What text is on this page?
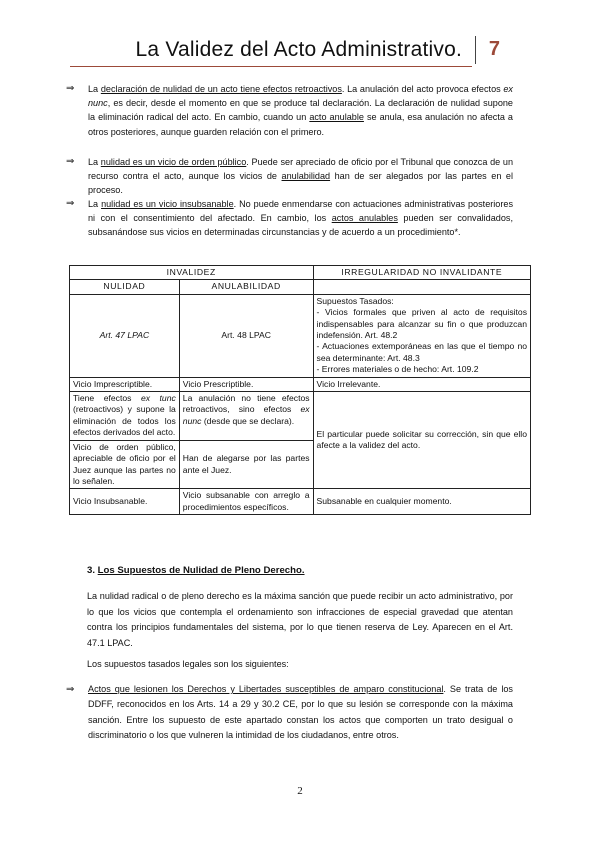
La Validez del Acto Administrativo. 7
⇒ La declaración de nulidad de un acto tiene efectos retroactivos. La anulación del acto provoca efectos ex nunc, es decir, desde el momento en que se produce tal declaración. La declaración de nulidad supone la eliminación radical del acto. En cambio, cuando un acto anulable se anula, esa anulación no afecta a otros posteriores, aunque guarden relación con el primero.
⇒ La nulidad es un vicio de orden público. Puede ser apreciado de oficio por el Tribunal que conozca de un recurso contra el acto, aunque los vicios de anulabilidad han de ser alegados por las partes en el proceso.
⇒ La nulidad es un vicio insubsanable. No puede enmendarse con actuaciones administrativas posteriores ni con el consentimiento del afectado. En cambio, los actos anulables pueden ser convalidados, subsanándose sus vicios en determinadas circunstancias y de acuerdo a un procedimiento*.
INVALIDEZ		IRREGULARIDAD NO INVALIDANTE
NULIDAD	ANULABILIDAD	
Art. 47 LPAC	Art. 48 LPAC	Supuestos Tasados:
- Vicios formales que priven al acto de requisitos indispensables para alcanzar su fin o que produzcan indefensión. Art. 48.2
- Actuaciones extemporáneas en las que el tiempo no sea determinante: Art. 48.3
- Errores materiales o de hecho: Art. 109.2

Vicio Imprescriptible.	Vicio Prescriptible.	Vicio Irrelevante.
Tiene efectos ex tunc (retroactivos) y supone la eliminación de todos los efectos derivados del acto.	La anulación no tiene efectos retroactivos, sino efectos ex nunc (desde que se declara).	El particular puede solicitar su corrección, sin que ello afecte a la validez del acto.
Vicio de orden público, apreciable de oficio por el Juez aunque las partes no lo señalen.	Han de alegarse por las partes ante el Juez.	
Vicio Insubsanable.	Vicio subsanable con arreglo a procedimientos específicos.	Subsanable en cualquier momento.
3. Los Supuestos de Nulidad de Pleno Derecho.
La nulidad radical o de pleno derecho es la máxima sanción que puede recibir un acto administrativo, por lo que los vicios que contempla el ordenamiento son infracciones de especial gravedad que atentan contra los principios fundamentales del sistema, por lo que tienen reserva de Ley. Aparecen en el Art. 47.1 LPAC.
Los supuestos tasados legales son los siguientes:
⇒ Actos que lesionen los Derechos y Libertades susceptibles de amparo constitucional. Se trata de los DDFF, reconocidos en los Arts. 14 a 29 y 30.2 CE, por lo que su lesión se corresponde con la máxima sanción. Entre los supuesto de este apartado constan los actos que comporten un trato desigual o discriminatorio o los que vulneren la intimidad de los ciudadanos, entre otros.
2
